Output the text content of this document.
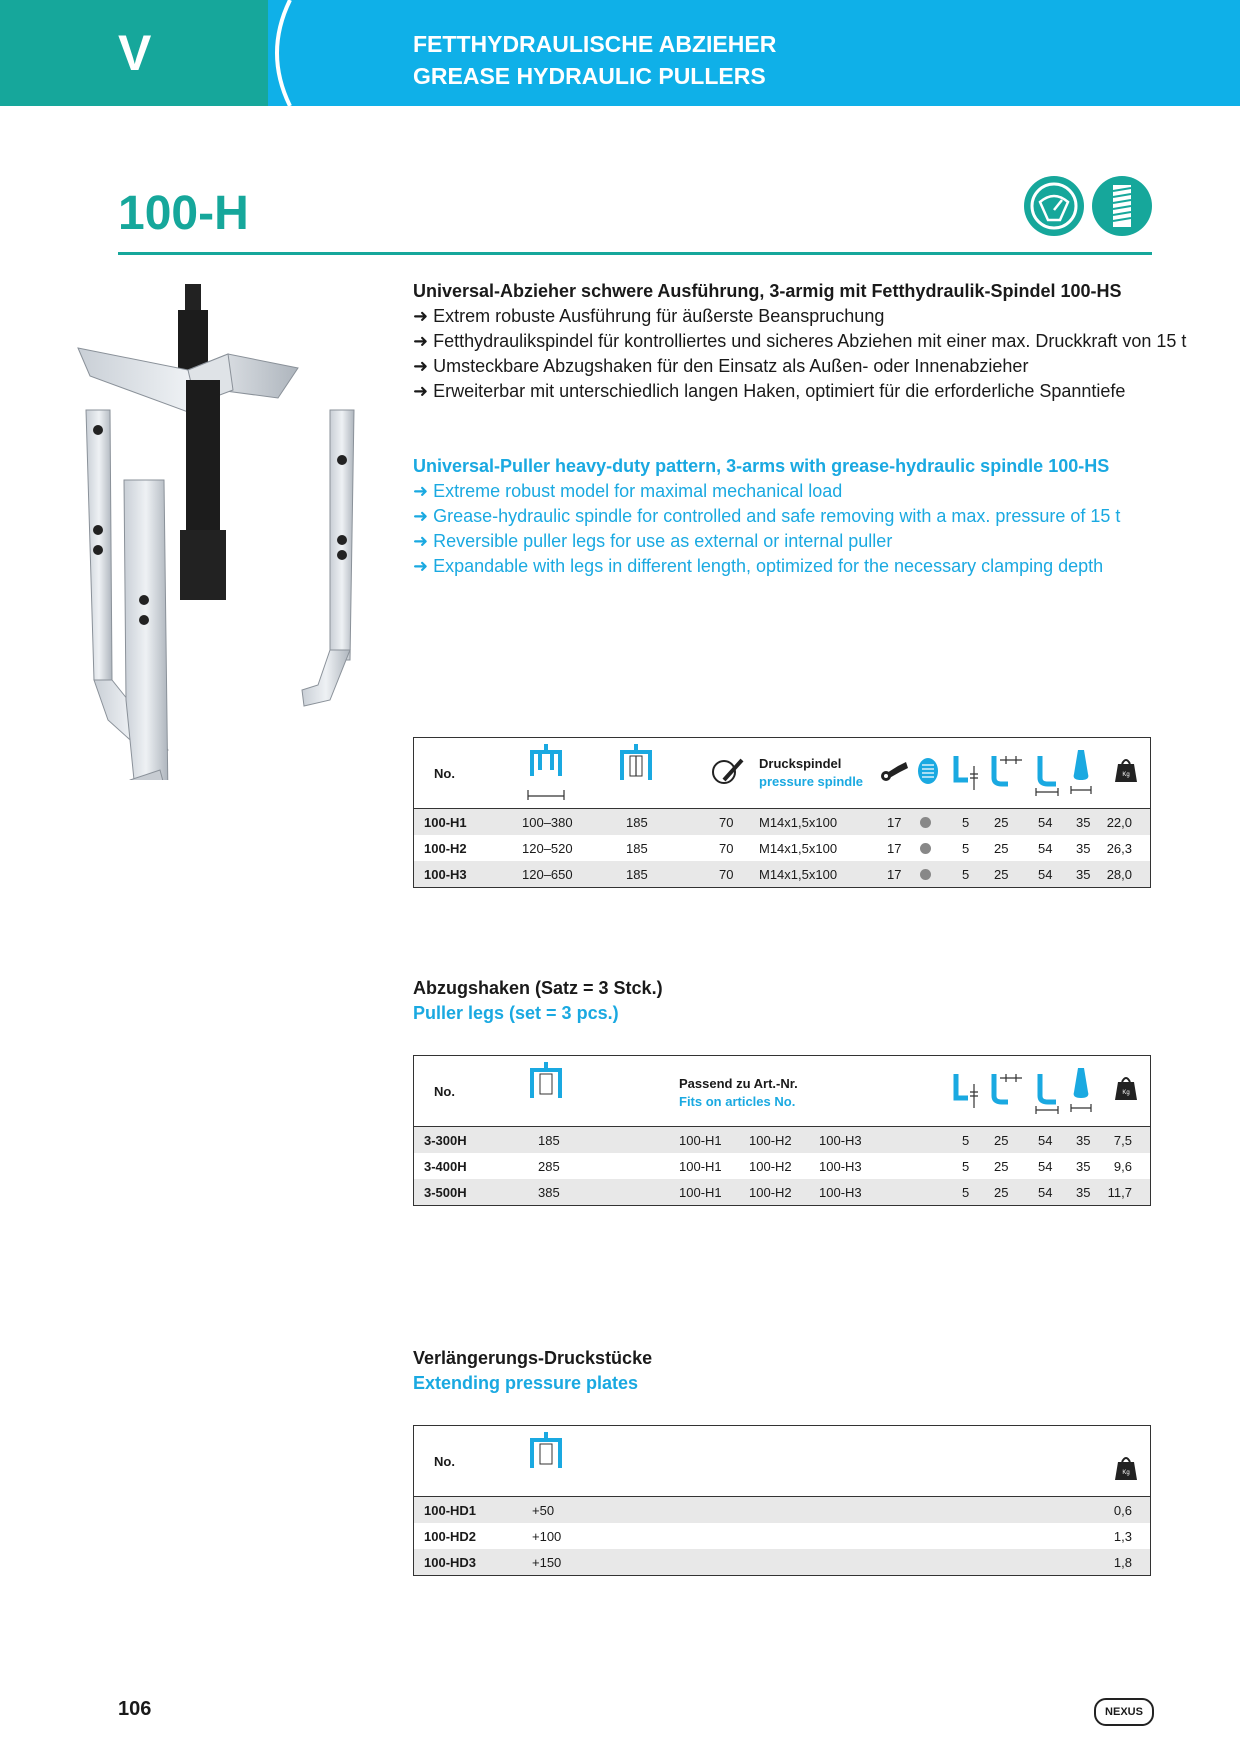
V	FETTHYDRAULISCHE ABZIEHER
GREASE HYDRAULIC PULLERS
100-H
Universal-Abzieher schwere Ausführung, 3-armig mit Fetthydraulik-Spindel 100-HS
➜ Extrem robuste Ausführung für äußerste Beanspruchung
➜ Fetthydraulikspindel für kontrolliertes und sicheres Abziehen mit einer max. Druckkraft von 15 t
➜ Umsteckbare Abzugshaken für den Einsatz als Außen- oder Innenabzieher
➜ Erweiterbar mit unterschiedlich langen Haken, optimiert für die erforderliche Spanntiefe
Universal-Puller heavy-duty pattern, 3-arms with grease-hydraulic spindle 100-HS
➜ Extreme robust model for maximal mechanical load
➜ Grease-hydraulic spindle for controlled and safe removing with a max. pressure of 15 t
➜ Reversible puller legs for use as external or internal puller
➜ Expandable with legs in different length, optimized for the necessary clamping depth
No.
Druckspindel
pressure spindle	Kg
100-H1	100–380	185	70 M14x1,5x100	17	5 25 54 35 22,0
100-H2	120–520	185	70 M14x1,5x100	17	5 25 54 35 26,3
100-H3	120–650	185	70 M14x1,5x100	17	5 25 54 35 28,0
Abzugshaken (Satz = 3 Stck.)
Puller legs (set = 3 pcs.)
No.
Passend zu Art.-Nr.
Fits on articles No.
Kg
3-300H	185	100-H1 100-H2 100-H3	5 25 54 35 7,5
3-400H	285	100-H1 100-H2 100-H3	5 25 54 35 9,6
3-500H	385	100-H1 100-H2 100-H3	5 25 54 35 11,7
Verlängerungs-Druckstücke
Extending pressure plates
No.
Kg
100-HD1	+50	0,6
100-HD2	+100	1,3
100-HD3	+150	1,8
106	NEXUS
